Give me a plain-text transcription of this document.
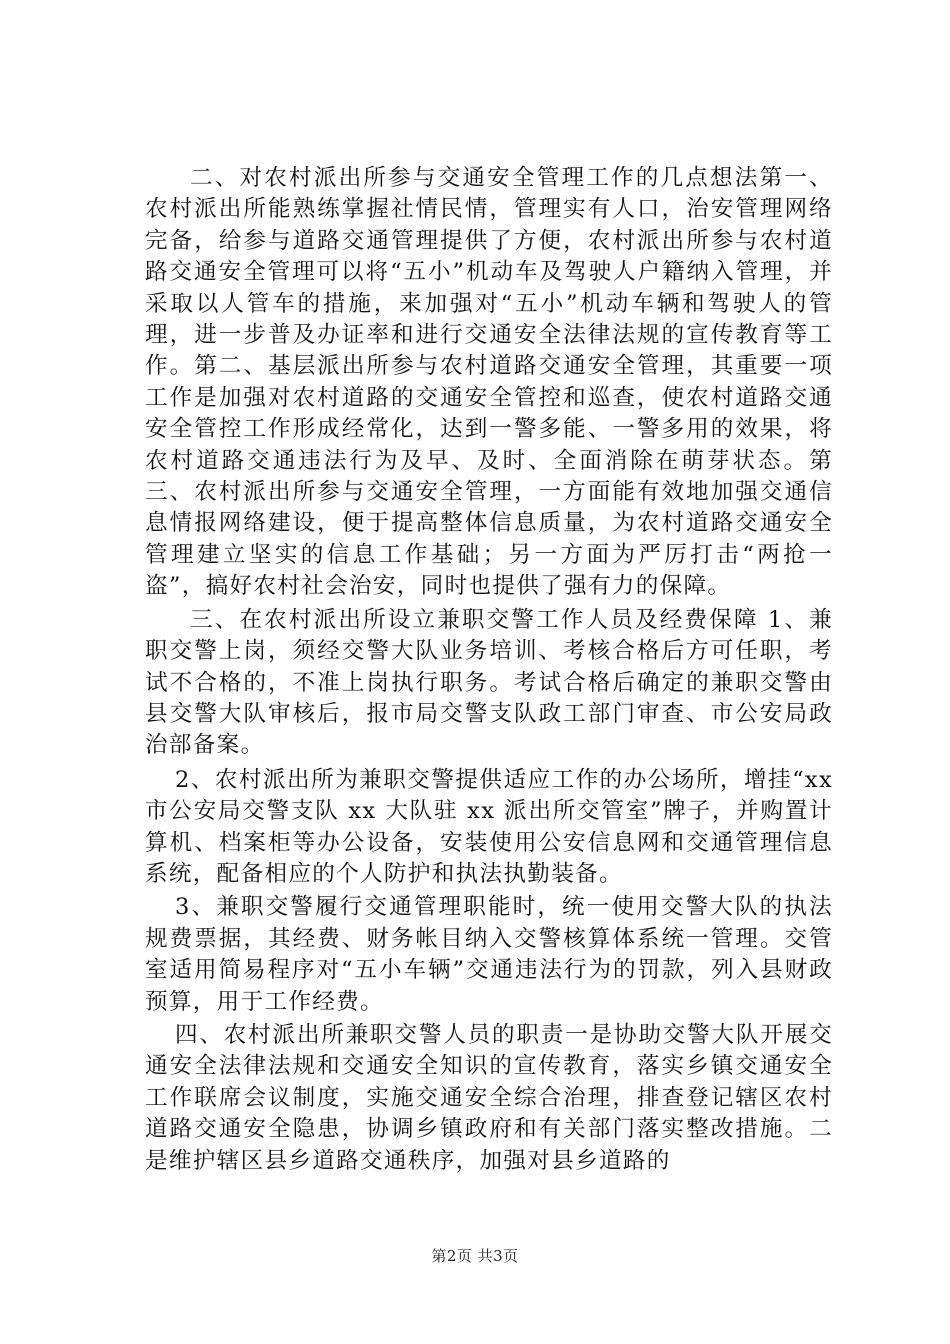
二、对农村派出所参与交通安全管理工作的几点想法第一、农村派出所能熟练掌握社情民情，管理实有人口，治安管理网络完备，给参与道路交通管理提供了方便，农村派出所参与农村道路交通安全管理可以将“五小”机动车及驾驶人户籍纳入管理，并采取以人管车的措施，来加强对“五小”机动车辆和驾驶人的管理，进一步普及办证率和进行交通安全法律法规的宣传教育等工作。第二、基层派出所参与农村道路交通安全管理，其重要一项工作是加强对农村道路的交通安全管控和巡查，使农村道路交通安全管控工作形成经常化，达到一警多能、一警多用的效果，将农村道路交通违法行为及早、及时、全面消除在萌芽状态。第三、农村派出所参与交通安全管理，一方面能有效地加强交通信息情报网络建设，便于提高整体信息质量，为农村道路交通安全管理建立坚实的信息工作基础；另一方面为严厉打击“两抢一盗”，搞好农村社会治安，同时也提供了强有力的保障。

三、在农村派出所设立兼职交警工作人员及经费保障 1、兼职交警上岗，须经交警大队业务培训、考核合格后方可任职，考试不合格的，不准上岗执行职务。考试合格后确定的兼职交警由县交警大队审核后，报市局交警支队政工部门审查、市公安局政治部备案。

2、农村派出所为兼职交警提供适应工作的办公场所，增挂“xx 市公安局交警支队 xx 大队驻 xx 派出所交管室”牌子，并购置计算机、档案柜等办公设备，安装使用公安信息网和交通管理信息系统，配备相应的个人防护和执法执勤装备。

3、兼职交警履行交通管理职能时，统一使用交警大队的执法规费票据，其经费、财务帐目纳入交警核算体系统一管理。交管室适用简易程序对“五小车辆”交通违法行为的罚款，列入县财政预算，用于工作经费。

四、农村派出所兼职交警人员的职责一是协助交警大队开展交通安全法律法规和交通安全知识的宣传教育，落实乡镇交通安全工作联席会议制度，实施交通安全综合治理，排查登记辖区农村道路交通安全隐患，协调乡镇政府和有关部门落实整改措施。二是维护辖区县乡道路交通秩序，加强对县乡道路的

第2页 共3页
